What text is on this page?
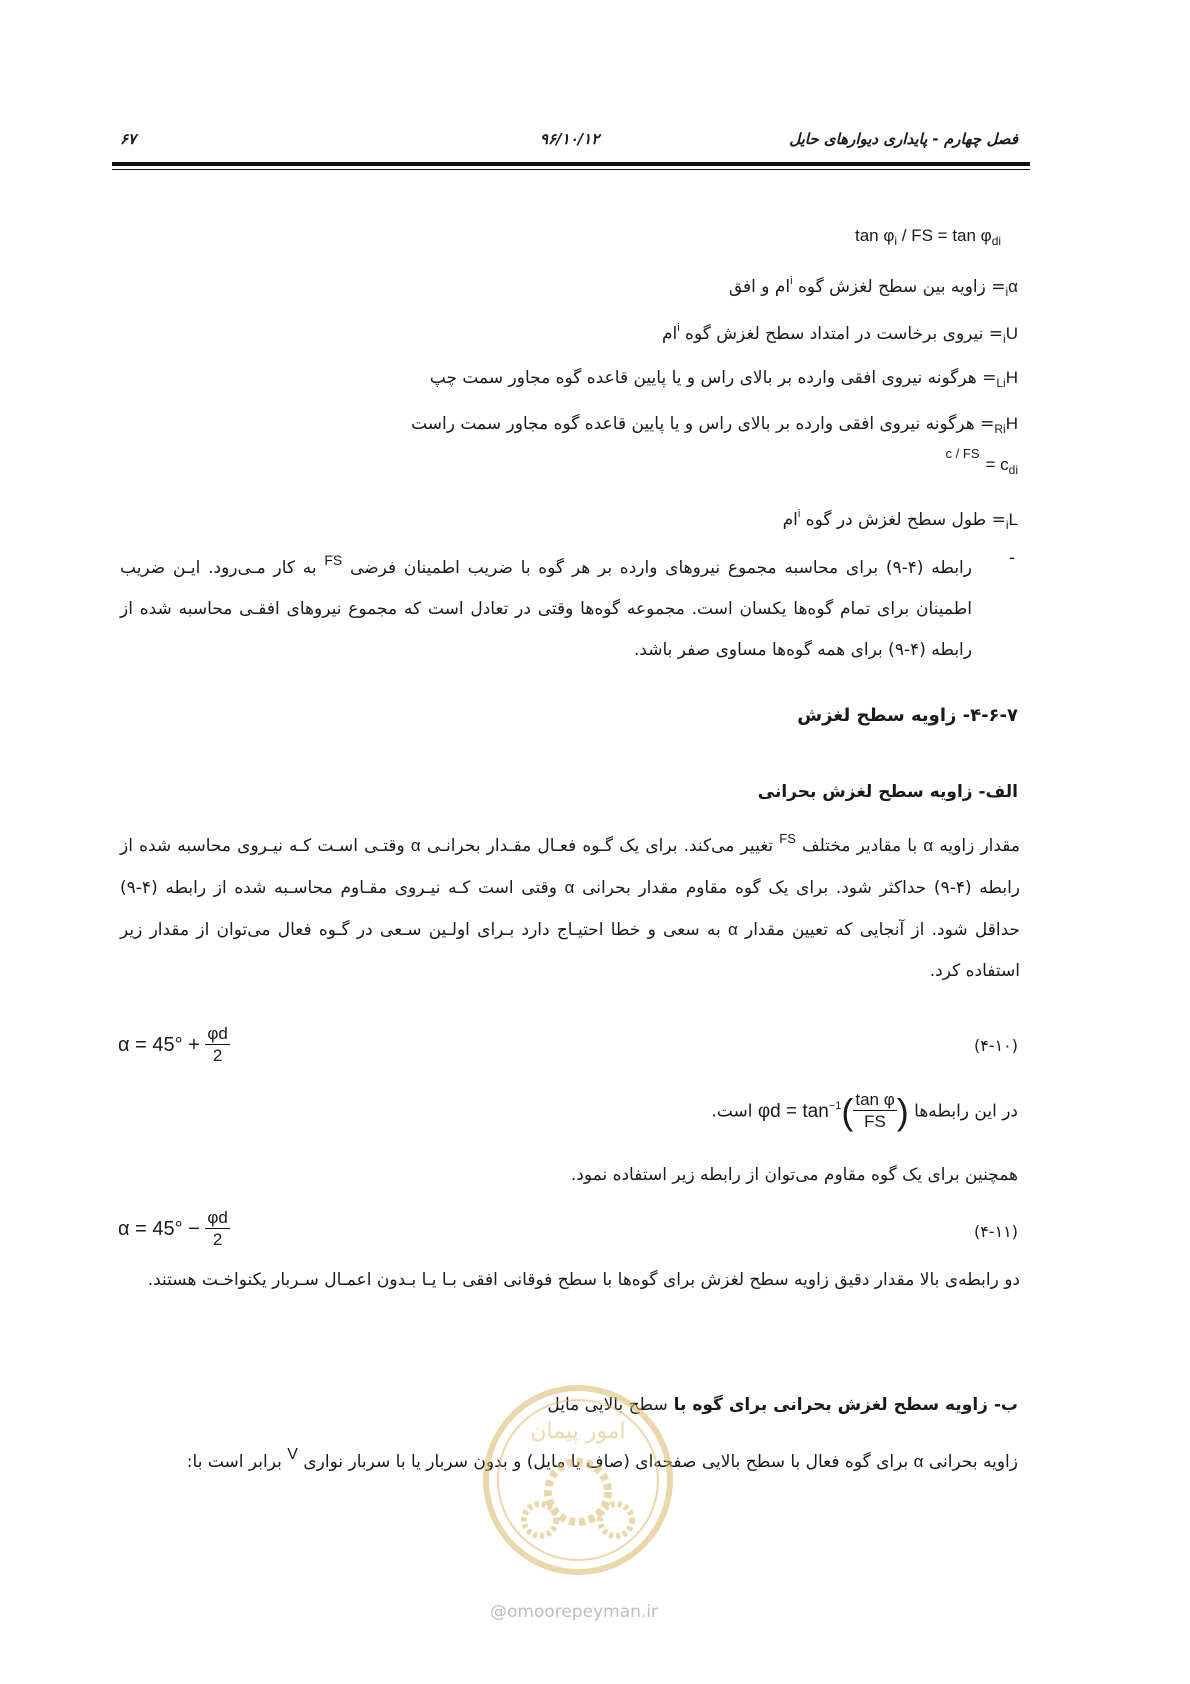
فصل چهارم - پایداری دیوارهای حایل
۹۶/۱۰/۱۲
۶۷
$\tan \varphi_i$ / FS = $\tan \varphi_{di}$
$\alpha_i=$ زاویه بین سطح لغزش گوه $^i$ام و افق
$U_i=$ نیروی برخاست در امتداد سطح لغزش گوه $^i$ام
$H_{Li}=$ هرگونه نیروی افقی وارده بر بالای راس و یا پایین قاعده گوه مجاور سمت چپ
$H_{Ri}=$ هرگونه نیروی افقی وارده بر بالای راس و یا پایین قاعده گوه مجاور سمت راست
$c / FS= c_{di}$
$L_i=$ طول سطح لغزش در گوه $^i$ام
-
رابطه (۴-۹) برای محاسبه مجموع نیروهای وارده بر هر گوه با ضریب اطمینان فرضی $^{FS}$ به کار مـی‌رود. ایـن ضریب اطمینان برای تمام گوه‌ها یکسان است. مجموعه گوه‌ها وقتی در تعادل است که مجموع نیروهای افقـی محاسبه شده از رابطه (۴-۹) برای همه گوه‌ها مساوی صفر باشد.
۴-۶-۷- زاویه سطح لغزش
الف- زاویه سطح لغزش بحرانی
مقدار زاویه α با مقادیر مختلف $^{FS}$ تغییر می‌کند. برای یک گـوه فعـال مقـدار بحرانـی α وقتـی اسـت کـه نیـروی محاسبه شده از رابطه (۴-۹) حداکثر شود. برای یک گوه مقاوم مقدار بحرانی α وقتی است کـه نیـروی مقـاوم محاسـبه شده از رابطه (۴-۹) حداقل شود. از آنجایی که تعیین مقدار α به سعی و خطا احتیـاج دارد بـرای اولـین سـعی در گـوه فعال می‌توان از مقدار زیر استفاده کرد.
$\alpha = 45^\circ + \frac{\varphi d}{2}$	(۴-۱۰)
در این رابطه‌ها $\varphi d = \tan^{-1}( \frac{\text{tan φ}}{FS}$ ) است.
همچنین برای یک گوه مقاوم می‌توان از رابطه زیر استفاده نمود.
$\alpha = 45^\circ - \frac{\varphi d}{2}$	(۴-۱۱)
دو رابطه‌ی بالا مقدار دقیق زاویه سطح لغزش برای گوه‌ها با سطح فوقانی افقی بـا یـا بـدون اعمـال سـربار یکنواخـت هستند.
ب- زاویه سطح لغزش بحرانی برای گوه با سطح بالایی مایل
زاویه بحرانی α برای گوه فعال با سطح بالایی صفحه‌ای (صاف یا مایل) و بدون سربار یا با سربار نواری V برابر است با:
امور پیمان
@omoorepeyman.ir
